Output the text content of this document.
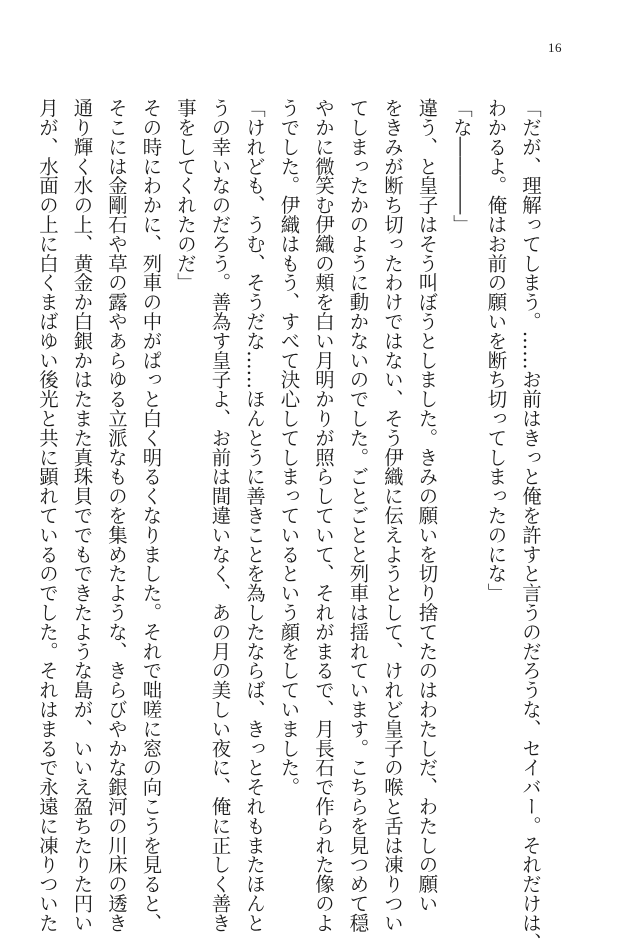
16

「だが、理解ってしまう。……お前はきっと俺を許すと言うのだろうな、セイバー。それだけは、

わかるよ。俺はお前の願いを断ち切ってしまったのにな」

「な――――」

違う、と皇子はそう叫ぼうとしました。きみの願いを切り捨てたのはわたしだ、わたしの願い

をきみが断ち切ったわけではない、そう伊織に伝えようとして、けれど皇子の喉と舌は凍りつい

てしまったかのように動かないのでした。ごとごとと列車は揺れています。こちらを見つめて穏

やかに微笑む伊織の頬を白い月明かりが照らしていて、それがまるで、月長石で作られた像のよ

うでした。伊織はもう、すべて決心してしまっているという顔をしていました。

「けれども、うむ、そうだな……ほんとうに善きことを為したならば、きっとそれもまたほんと

うの幸いなのだろう。善為す皇子よ、お前は間違いなく、あの月の美しい夜に、俺に正しく善き

事をしてくれたのだ」

その時にわかに、列車の中がぱっと白く明るくなりました。それで咄嗟に窓の向こうを見ると、

そこには金剛石や草の露やあらゆる立派なものを集めたような、きらびやかな銀河の川床の透き

通り輝く水の上、黄金か白銀かはたまた真珠貝ででもできたような島が、いいえ盈ちたりた円い

月が、水面の上に白くまばゆい後光と共に顕れているのでした。それはまるで永遠に凍りついた
